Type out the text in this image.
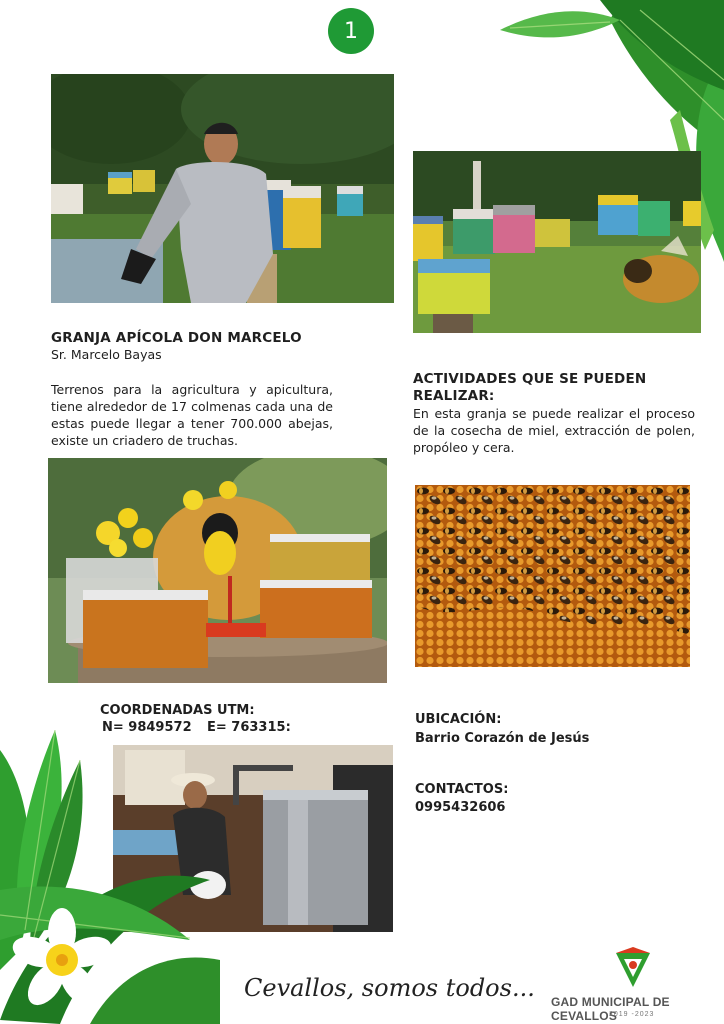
1
GRANJA APÍCOLA DON MARCELO
Sr. Marcelo Bayas
Terrenos para la agricultura y apicultura, tiene alrededor de 17 colmenas cada una de estas puede llegar a tener 700.000 abejas, existe un criadero de truchas.
ACTIVIDADES QUE SE PUEDEN
REALIZAR:
En esta granja se puede realizar el proceso de la cosecha de miel, extracción de polen, propóleo y cera.
COORDENADAS UTM:
N= 9849572 E= 763315:
UBICACIÓN:
Barrio Corazón de Jesús
CONTACTOS:
0995432606
Cevallos, somos todos... GAD MUNICIPAL DE CEVALLOS
2019 -2023
